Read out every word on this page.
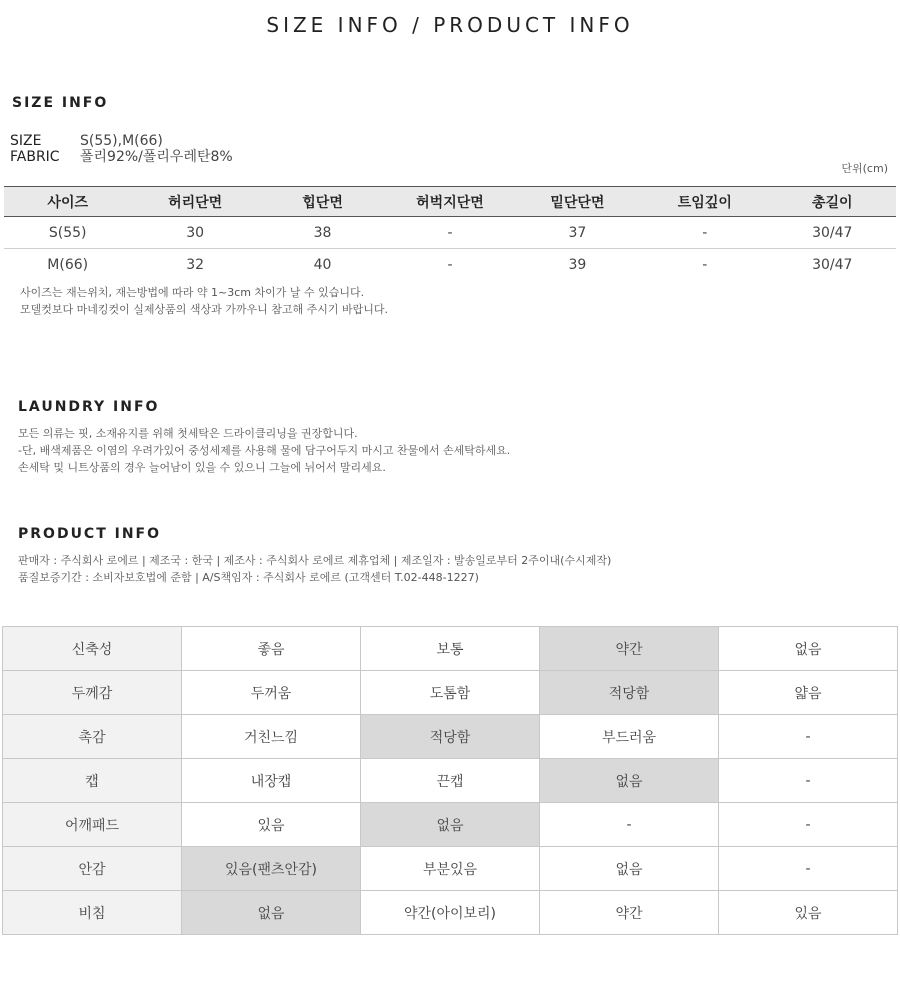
SIZE INFO / PRODUCT INFO
SIZE INFO
SIZE	S(55),M(66)
FABRIC	폴리92%/폴리우레탄8%
단위(cm)
사이즈	허리단면	힙단면	허벅지단면	밑단단면	트임깊이	총길이
S(55)	30	38	-	37	-	30/47
M(66)	32	40	-	39	-	30/47
사이즈는 재는위치, 재는방법에 따라 약 1~3cm 차이가 날 수 있습니다.
모델컷보다 마네킹컷이 실제상품의 색상과 가까우니 참고해 주시기 바랍니다.
LAUNDRY INFO
모든 의류는 핏, 소재유지를 위해 첫세탁은 드라이클리닝을 권장합니다.
-단, 배색제품은 이염의 우려가있어 중성세제를 사용해 물에 담구어두지 마시고 찬물에서 손세탁하세요.
손세탁 및 니트상품의 경우 늘어남이 있을 수 있으니 그늘에 뉘어서 말리세요.
PRODUCT INFO
판매자 : 주식회사 로에르 | 제조국 : 한국 | 제조사 : 주식회사 로에르 제휴업체 | 제조일자 : 발송일로부터 2주이내(수시제작)
품질보증기간 : 소비자보호법에 준함 | A/S책임자 : 주식회사 로에르 (고객센터 T.02-448-1227)
신축성	좋음	보통	약간	없음
두께감	두꺼움	도톰함	적당함	얇음
촉감	거친느낌	적당함	부드러움	-
캡	내장캡	끈캡	없음	-
어깨패드	있음	없음	-	-
안감	있음(팬츠안감)	부분있음	없음	-
비침	없음	약간(아이보리)	약간	있음
